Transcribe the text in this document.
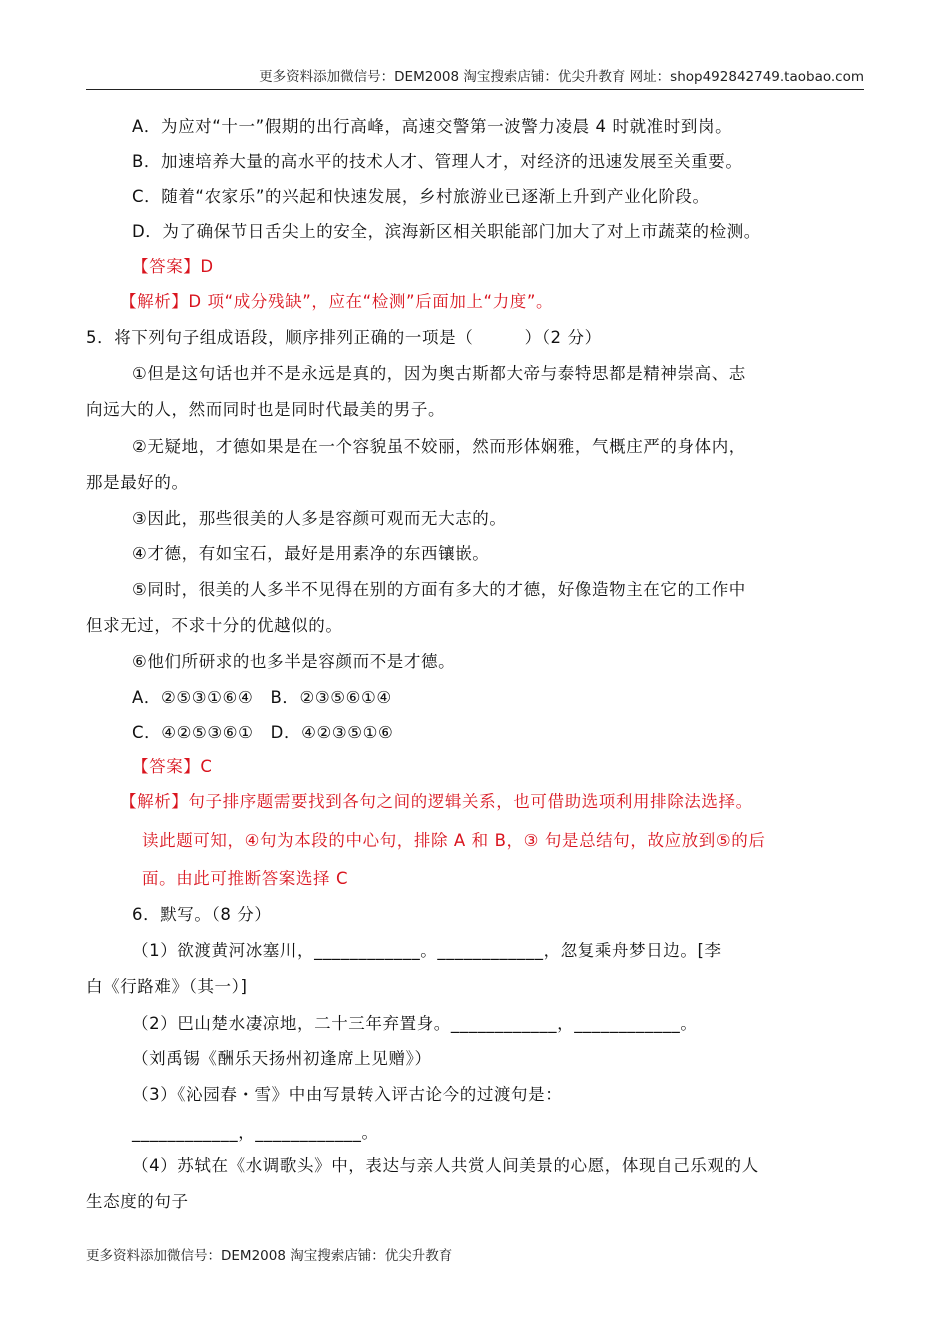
更多资料添加微信号：DEM2008 淘宝搜索店铺：优尖升教育 网址：shop492842749.taobao.com
A．为应对“十一”假期的出行高峰，高速交警第一波警力凌晨 4 时就准时到岗。
B．加速培养大量的高水平的技术人才、管理人才，对经济的迅速发展至关重要。
C．随着“农家乐”的兴起和快速发展，乡村旅游业已逐渐上升到产业化阶段。
D．为了确保节日舌尖上的安全，滨海新区相关职能部门加大了对上市蔬菜的检测。
【答案】D
【解析】D 项“成分残缺”，应在“检测”后面加上“力度”。
5．将下列句子组成语段，顺序排列正确的一项是（　　　）（2 分）
①但是这句话也并不是永远是真的，因为奥古斯都大帝与泰特思都是精神崇高、志
向远大的人，然而同时也是同时代最美的男子。
②无疑地，才德如果是在一个容貌虽不姣丽，然而形体娴雅，气概庄严的身体内，
那是最好的。
③因此，那些很美的人多是容颜可观而无大志的。
④才德，有如宝石，最好是用素净的东西镶嵌。
⑤同时，很美的人多半不见得在别的方面有多大的才德，好像造物主在它的工作中
但求无过，不求十分的优越似的。
⑥他们所研求的也多半是容颜而不是才德。
A．②⑤③①⑥④　B．②③⑤⑥①④
C．④②⑤③⑥①　D．④②③⑤①⑥
【答案】C
【解析】句子排序题需要找到各句之间的逻辑关系，也可借助选项利用排除法选择。
读此题可知，④句为本段的中心句，排除 A 和 B，③ 句是总结句，故应放到⑤的后
面。由此可推断答案选择 C
6．默写。（8 分）
（1）欲渡黄河冰塞川，____________。____________，忽复乘舟梦日边。[李
白《行路难》（其一）]
（2）巴山楚水凄凉地，二十三年弃置身。____________，____________。
（刘禹锡《酬乐天扬州初逢席上见赠》）
（3）《沁园春・雪》中由写景转入评古论今的过渡句是：
____________，____________。
（4）苏轼在《水调歌头》中，表达与亲人共赏人间美景的心愿，体现自己乐观的人
生态度的句子
更多资料添加微信号：DEM2008 淘宝搜索店铺：优尖升教育
